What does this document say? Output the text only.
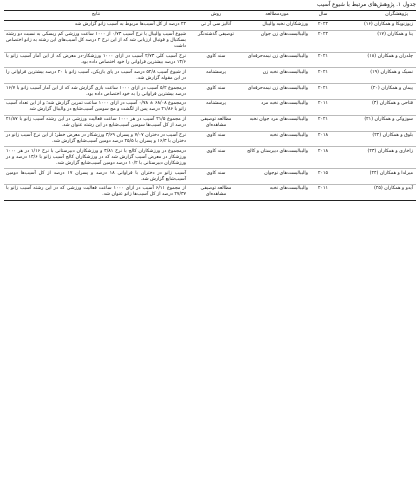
جدول ۱. پژوهش‌های مرتبط با شیوع آسیب
پژوهشگران	سال	مورد‌مطالعه	روش	نتایج
زیوزنویکا و همکاران (۱۶)	۲۰۲۲	ورزشکاران نخبه والیبال	آنالیز سی آر تی	۲۴ درصد از کل آسیب‌ها مربوط به آسیب زانو گزارش شد
ینا و همکاران (۱۷)	۲۰۲۲	والیبالیست‌های زن جوان	توصیفی گذشته‌نگر	شیوع آسیب والیبال با نرخ آسیب ۰/۷۳ از ۱۰۰۰ ساعت ورزشی کم ریسکی به نسبت دو رشته بسکتبال و فوتبال ارزیابی شد که از این نرخ ۲ درصد کل آسیب‌های این رشته به زانو اختصاص داشت
چلدران و همکاران (۱۸)	۲۰۲۱	والیبالیست‌های زن نیمه‌حرفه‌ای	سند کاوی	نرخ آسیب کلی ۲/۷۳ آسیب در ازای ۱۰۰۰ ورزشکار-در معرض که از این آمار آسیب زانو با ۱۳/۶ درصد بیشترین فراوانی را خود اختصاص داده بود.
نسیک و همکاران (۱۹)	۲۰۲۱	والیبالیست‌های نخبه زن	پرسشنامه	از شیوع آسیب ۵۲/۸ درصد آسیب در پای بازیکن، آسیب زانو با ۲۰ درصد بیشترین فراوانی را در این مقوله گزارش شد.
پیمان و همکاران (۲۰)	۲۰۲۱	والیبالیست‌های زن نیمه‌حرفه‌ای	سند کاوی	درمجموع ۵/۲ آسیب در ازای ۱۰۰۰ ساعت بازی گزارش شد که از این آمار آسیب زانو با ۱۶/۷ درصد بیشترین فراوانی را به خود اختصاص داده بود.
فتاحی و همکاران (۳)	۲۰۱۱	والیبالیست‌های نخبه مرد	پرسشنامه	درمجموع ۶۸/۰۸ ± ۰/۷۸ آسیب در ازای ۱۰۰۰ ساعت تمرین گزارش شد؛ و از این تعداد آسیب زانو با ۲۱/۸۶ درصد پس از لگشت و مچ سومین آسیب‌شایع در والیبال گزارش شد
سوزوکی و همکاران (۲۱)	۲۰۲۱	والیبالیست‌های مرد جوان نخبه	مطالعه توصیفی مشاهده‌ای	از مجموع ۲۱/۵ آسیب در هر ۱۰۰۰ ساعت فعالیت ورزشی در این رشته آسیب زانو با ۲۱/۸۷ درصد از کل آسیب‌ها سومین آسیب‌شایع در این رشته عنوان شد.
بلوق و همکاران (۲۲)	۲۰۱۸	والیبالیست‌های نخبه	سند کاوی	نرخ آسیب در دختران ۷/۰۷ و پسران ۳/۶۹ ورزشکار در معرض خطر؛ از این نرخ آسیب زانو در دختران با ۱۶/۳ و پسران با ۲۵/۵ درصد دومین آسیب‌شایع گزارش شد.
زاخاری و همکاران (۲۳)	۲۰۱۸	والیبالیست‌های دبیرستان و کالج	سند کاوی	درمجموع در ورزشکاران کالج با نرخ ۳/۸۱ و ورزشکاران دبیرستانی با نرخ ۱/۱۶ در هر ۱۰۰۰ ورزشکار در معرض آسیب گزارش شد که در ورزشکاران کالج آسیب زانو با ۱۳/۶ درصد و در ورزشکاران دبیرستانی با ۱۰/۲ درصد دومین آسیب‌شایع گزارش شد.
میرلدا و همکاران (۲۴)	۲۰۱۵	والیبالیست‌های نوجوان	سند کاوی	آسیب زانو در دختران با فراوانی ۱۸ درصد و پسران ۱۷ درصد از کل آسیب‌ها دومین آسیب‌شایع گزارش شد.
آیدو و همکاران (۲۵)	۲۰۱۱	والیبالیست‌های نخبه	مطالعه توصیفی مشاهده‌ای	از مجموع ۶/۱۱ آسیب در ازای ۱۰۰۰ ساعت فعالیت ورزشی که در این رشته آسیب زانو با ۲۷/۳۷ درصد از کل آسیب‌ها زانو عنوان شد.
